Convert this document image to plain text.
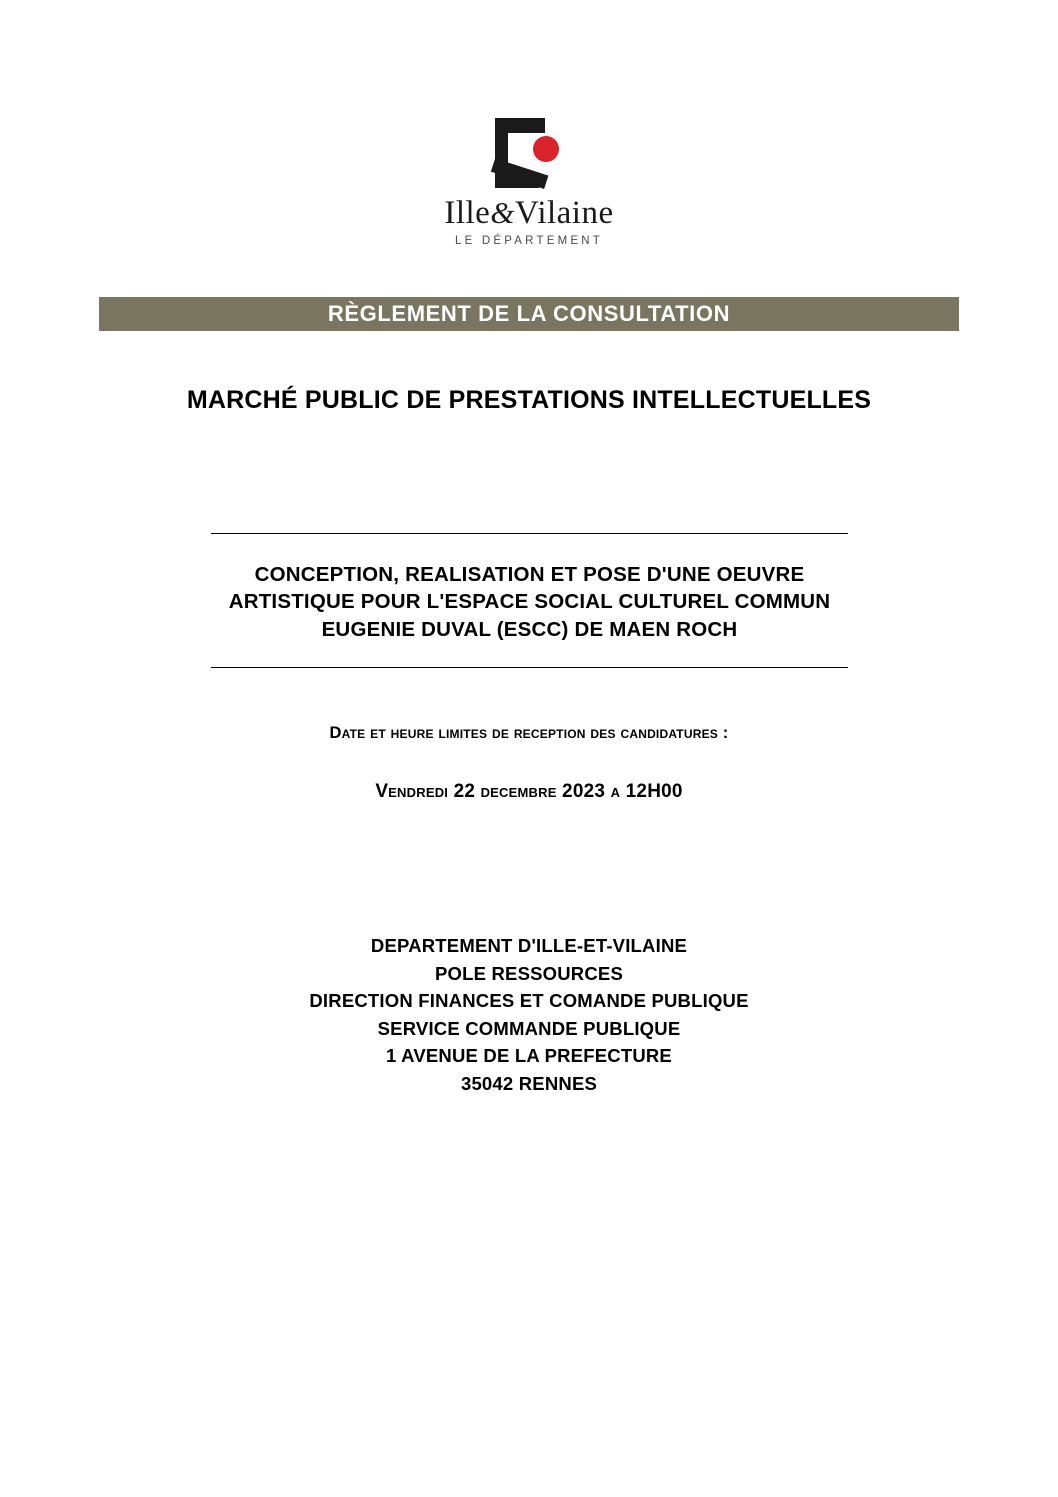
Ille&Vilaine
LE DÉPARTEMENT
RÈGLEMENT DE LA CONSULTATION
MARCHÉ PUBLIC DE PRESTATIONS INTELLECTUELLES
CONCEPTION, REALISATION ET POSE D'UNE OEUVRE ARTISTIQUE POUR L'ESPACE SOCIAL CULTUREL COMMUN EUGENIE DUVAL (ESCC) DE MAEN ROCH
Date et heure limites de reception des candidatures :
Vendredi 22 decembre 2023 a 12H00
DEPARTEMENT D'ILLE-ET-VILAINE
POLE RESSOURCES
DIRECTION FINANCES ET COMANDE PUBLIQUE
SERVICE COMMANDE PUBLIQUE
1 AVENUE DE LA PREFECTURE
35042 RENNES
